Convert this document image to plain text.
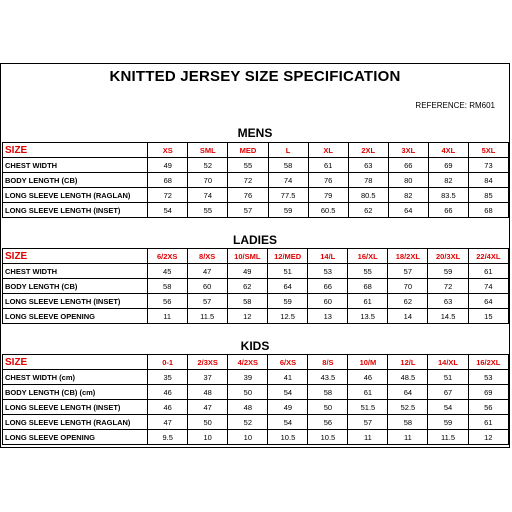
KNITTED JERSEY SIZE SPECIFICATION
REFERENCE: RM601
MENS
SIZE	XS	SML	MED	L	XL	2XL	3XL	4XL	5XL
CHEST WIDTH	49	52	55	58	61	63	66	69	73
BODY LENGTH (CB)	68	70	72	74	76	78	80	82	84
LONG SLEEVE LENGTH (RAGLAN)	72	74	76	77.5	79	80.5	82	83.5	85
LONG SLEEVE LENGTH (INSET)	54	55	57	59	60.5	62	64	66	68
LADIES
SIZE	6/2XS	8/XS	10/SML	12/MED	14/L	16/XL	18/2XL	20/3XL	22/4XL
CHEST WIDTH	45	47	49	51	53	55	57	59	61
BODY LENGTH (CB)	58	60	62	64	66	68	70	72	74
LONG SLEEVE LENGTH (INSET)	56	57	58	59	60	61	62	63	64
LONG SLEEVE OPENING	11	11.5	12	12.5	13	13.5	14	14.5	15
KIDS
SIZE	0-1	2/3XS	4/2XS	6/XS	8/S	10/M	12/L	14/XL	16/2XL
CHEST WIDTH (cm)	35	37	39	41	43.5	46	48.5	51	53
BODY LENGTH (CB) (cm)	46	48	50	54	58	61	64	67	69
LONG SLEEVE LENGTH (INSET)	46	47	48	49	50	51.5	52.5	54	56
LONG SLEEVE LENGTH (RAGLAN)	47	50	52	54	56	57	58	59	61
LONG SLEEVE OPENING	9.5	10	10	10.5	10.5	11	11	11.5	12
